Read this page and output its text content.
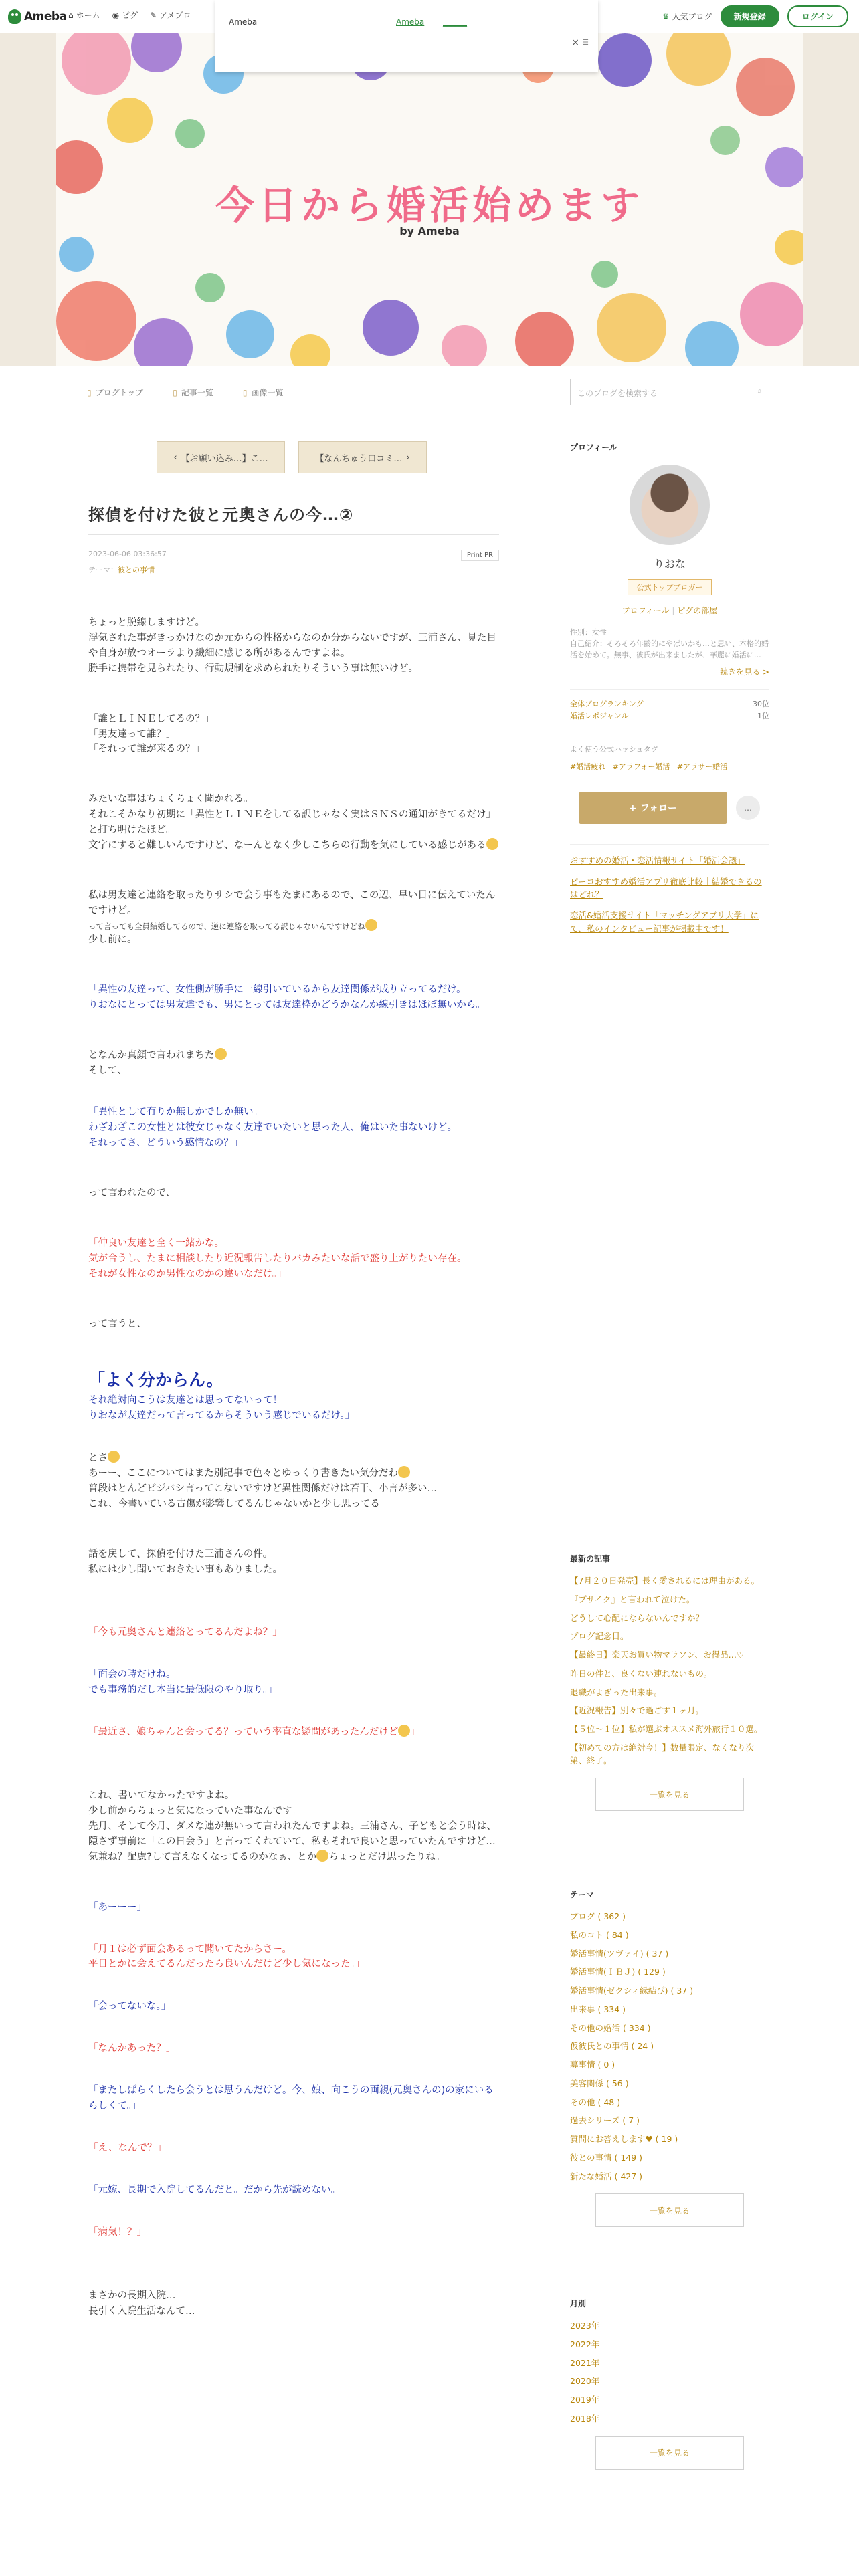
Ameba ⌂ ホーム ◉ ピグ ✎ アメブロ	♛ 人気ブログ	新規登録	ログイン
今日から婚活始めます
by Ameba
Ameba	Ameba ______
× ☰
▯ ブログトップ	▯ 記事一覧	▯ 画像一覧	このブログを検索する	⌕
‹ 【お願い込み…】こ…	【なんちゅう口コミ… ›
探偵を付けた彼と元奥さんの今…②
2023-06-06 03:36:57	Print PR
テーマ：彼との事情

ちょっと脱線しますけど。

浮気された事がきっかけなのか元からの性格からなのか分からないですが、三浦さん、見た目や自身が放つオーラより繊細に感じる所があるんですよね。

勝手に携帯を見られたり、行動規制を求められたりそういう事は無いけど。

「誰とＬＩＮＥしてるの？」

「男友達って誰？」

「それって誰が来るの？」

みたいな事はちょくちょく聞かれる。

それこそかなり初期に「異性とＬＩＮＥをしてる訳じゃなく実はＳＮＳの通知がきてるだけ」と打ち明けたほど。

文字にすると難しいんですけど、なーんとなく少しこちらの行動を気にしている感じがある

私は男友達と連絡を取ったりサシで会う事もたまにあるので、この辺、早い目に伝えていたんですけど。

って言っても全員結婚してるので、逆に連絡を取ってる訳じゃないんですけどね

少し前に。

「異性の友達って、女性側が勝手に一線引いているから友達関係が成り立ってるだけ。

りおなにとっては男友達でも、男にとっては友達枠かどうかなんか線引きはほぼ無いから。」

となんか真顔で言われまちた

そして、

「異性として有りか無しかでしか無い。

わざわざこの女性とは彼女じゃなく友達でいたいと思った人、俺はいた事ないけど。

それってさ、どういう感情なの？」

って言われたので、

「仲良い友達と全く一緒かな。

気が合うし、たまに相談したり近況報告したりバカみたいな話で盛り上がりたい存在。

それが女性なのか男性なのかの違いなだけ。」

って言うと、

「よく分からん。

それ絶対向こうは友達とは思ってないって！

りおなが友達だって言ってるからそういう感じでいるだけ。」

とさ

あーー、ここについてはまた別記事で色々とゆっくり書きたい気分だわ

普段はとんどビジバシ言ってこないですけど異性関係だけは若干、小言が多い…

これ、今書いている古傷が影響してるんじゃないかと少し思ってる

話を戻して、探偵を付けた三浦さんの件。

私には少し聞いておきたい事もありました。

「今も元奥さんと連絡とってるんだよね？」

「面会の時だけね。

でも事務的だし本当に最低限のやり取り。」

「最近さ、娘ちゃんと会ってる？っていう率直な疑問があったんだけど 」

これ、書いてなかったですよね。

少し前からちょっと気になっていた事なんです。

先月、そして今月、ダメな連が無いって言われたんですよね。三浦さん、子どもと会う時は、隠さず事前に「この日会う」と言ってくれていて、私もそれで良いと思っていたんですけど…

気兼ね？配慮?して言えなくなってるのかなぁ、とか ちょっとだけ思ったりね。

「あーーー」

「月１は必ず面会あるって聞いてたからさー。

平日とかに会えてるんだったら良いんだけど少し気になった。」

「会ってないな。」

「なんかあった？」

「またしばらくしたら会うとは思うんだけど。今、娘、向こうの両親(元奥さんの)の家にいるらしくて。」

「え、なんで？」

「元嫁、長期で入院してるんだと。だから先が読めない。」

「病気！？」

まさかの長期入院…

長引く入院生活なんて…

プロフィール
りおな
公式トップブロガー
プロフィール | ピグの部屋
性別：女性
自己紹介：そろそろ年齢的にやばいかも…と思い、本格的婚活を始めて。無事、彼氏が出来ましたが、華麗に婚活に…
続きを見る >
全体ブログランキング	30位
婚活レポジャンル	1位
よく使う公式ハッシュタグ
#婚活疲れ #アラフォー婚活 #アラサー婚活
+ フォロー	…
おすすめの婚活・恋活情報サイト「婚活会議」
ピーコおすすめ婚活アプリ徹底比較｜結婚できるのはどれ？
恋活&婚活支援サイト「マッチングアプリ大学」にて、私のインタビュー記事が掲載中です！
最新の記事
【7月２０日発売】長く愛されるには理由がある。
『プサイク』と言われて泣けた。
どうして心配にならないんですか？
ブログ記念日。
【最終日】楽天お買い物マラソン、お得品…♡
昨日の件と、良くない連れないもの。
退職がよぎった出来事。
【近況報告】別々で過ごす１ヶ月。
【５位～１位】私が選ぶオススメ海外旅行１０選。
【初めての方は絶対今！】数量限定、なくなり次第、終了。
一覧を見る
テーマ
ブログ ( 362 )
私のコト ( 84 )
婚活事情(ツヴァイ) ( 37 )
婚活事情(ＩＢＪ) ( 129 )
婚活事情(ゼクシィ縁結び) ( 37 )
出来事 ( 334 )
その他の婚活 ( 334 )
仮彼氏との事情 ( 24 )
募事情 ( 0 )
美容関係 ( 56 )
その他 ( 48 )
過去シリーズ ( 7 )
質問にお答えします♥ ( 19 )
彼との事情 ( 149 )
新たな婚活 ( 427 )
一覧を見る
月別
2023年
2022年
2021年
2020年
2019年
2018年
一覧を見る
